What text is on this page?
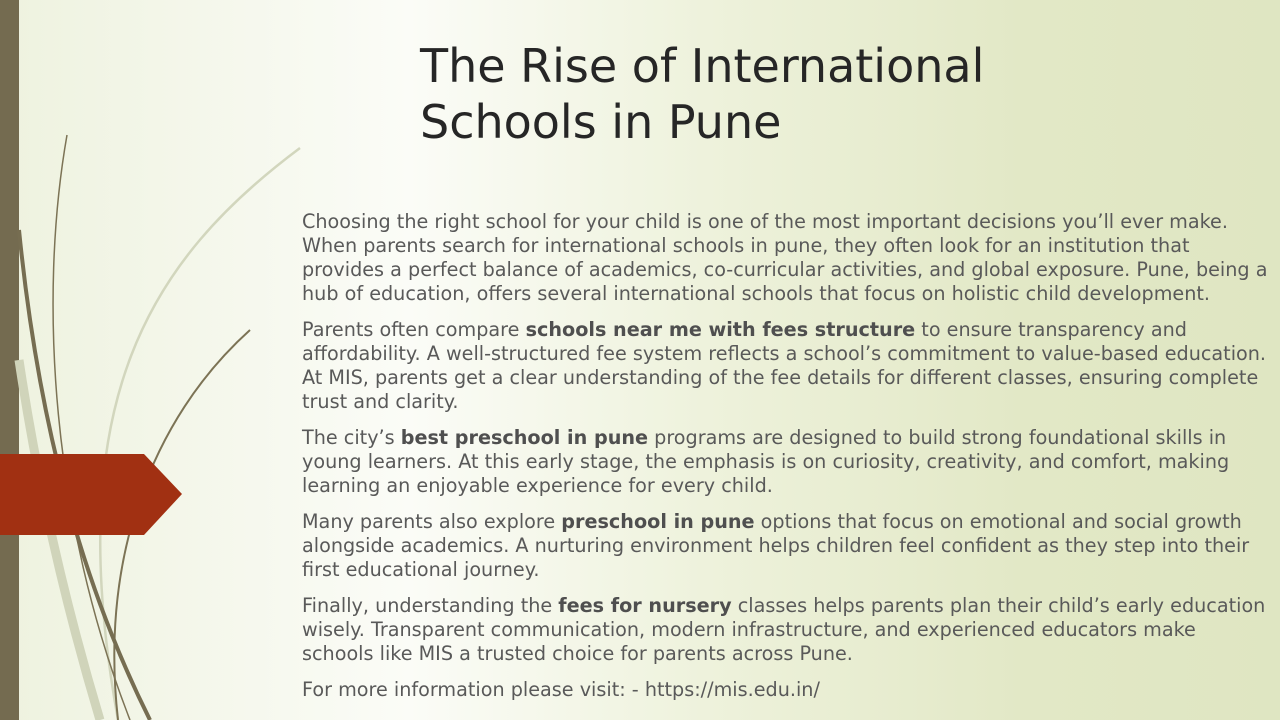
The Rise of International
Schools in Pune

Choosing the right school for your child is one of the most important decisions you’ll ever make. When parents search for international schools in pune, they often look for an institution that provides a perfect balance of academics, co-curricular activities, and global exposure. Pune, being a hub of education, offers several international schools that focus on holistic child development.

Parents often compare schools near me with fees structure to ensure transparency and affordability. A well-structured fee system reflects a school’s commitment to value-based education. At MIS, parents get a clear understanding of the fee details for different classes, ensuring complete trust and clarity.

The city’s best preschool in pune programs are designed to build strong foundational skills in young learners. At this early stage, the emphasis is on curiosity, creativity, and comfort, making learning an enjoyable experience for every child.

Many parents also explore preschool in pune options that focus on emotional and social growth alongside academics. A nurturing environment helps children feel confident as they step into their first educational journey.

Finally, understanding the fees for nursery classes helps parents plan their child’s early education wisely. Transparent communication, modern infrastructure, and experienced educators make schools like MIS a trusted choice for parents across Pune.

For more information please visit: - https://mis.edu.in/
